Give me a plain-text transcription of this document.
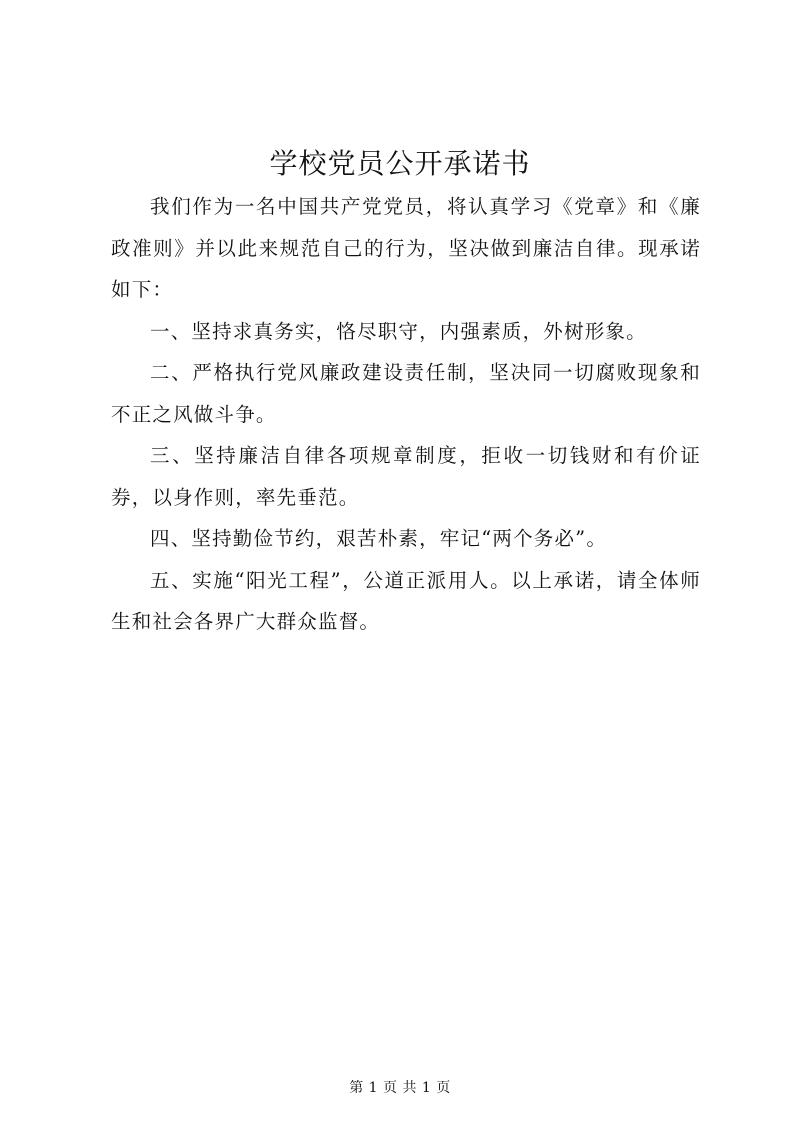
学校党员公开承诺书

我们作为一名中国共产党党员，将认真学习《党章》和《廉政准则》并以此来规范自己的行为，坚决做到廉洁自律。现承诺如下：

一、坚持求真务实，恪尽职守，内强素质，外树形象。

二、严格执行党风廉政建设责任制，坚决同一切腐败现象和不正之风做斗争。

三、坚持廉洁自律各项规章制度，拒收一切钱财和有价证券，以身作则，率先垂范。

四、坚持勤俭节约，艰苦朴素，牢记“两个务必”。

五、实施“阳光工程”，公道正派用人。以上承诺，请全体师生和社会各界广大群众监督。

第 1 页 共 1 页
